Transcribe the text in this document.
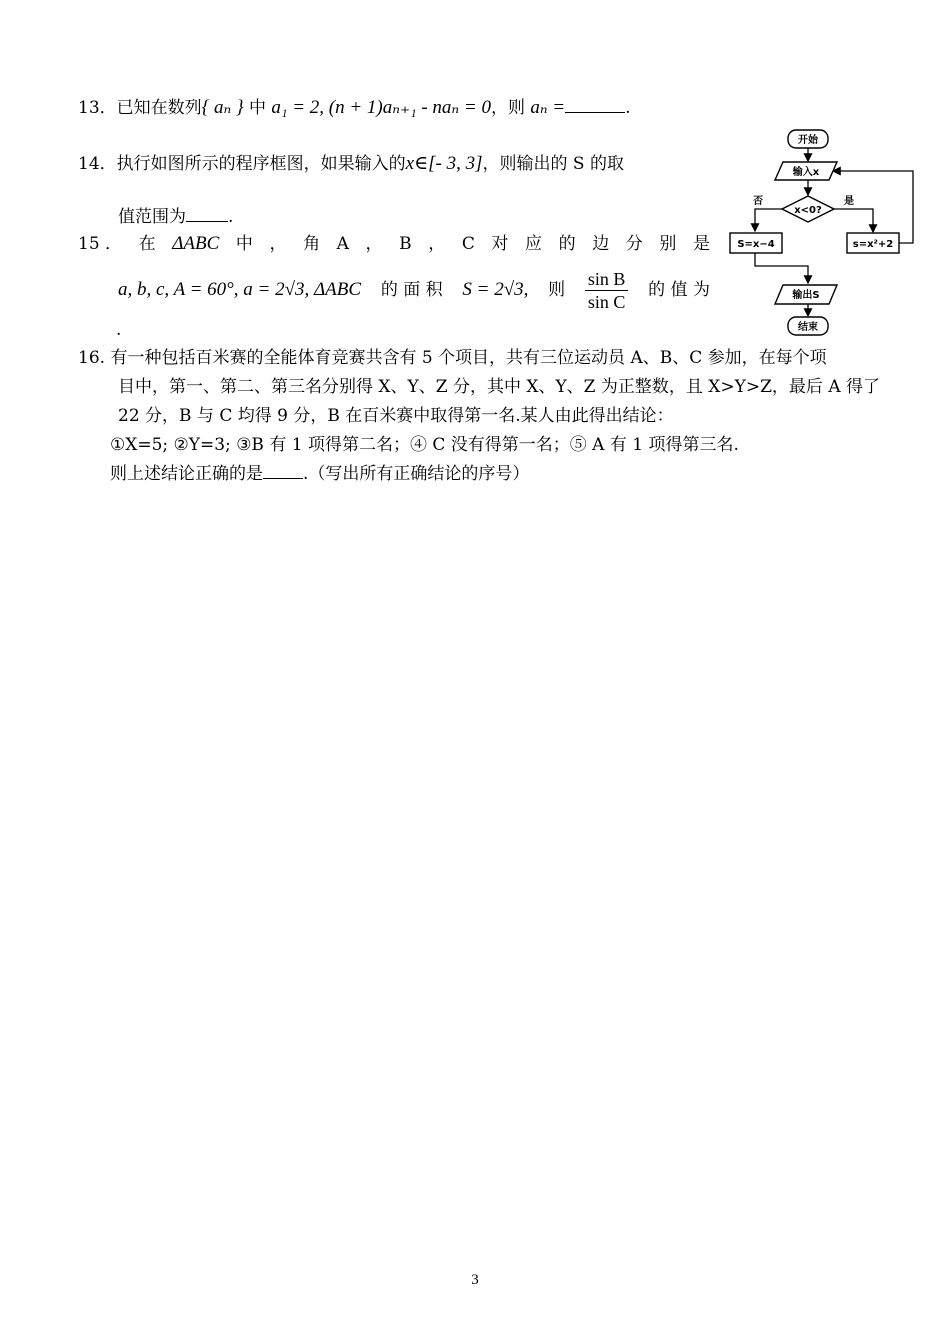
13．已知在数列{ aₙ } 中 a₁ = 2, (n + 1)aₙ₊₁ - naₙ = 0，则 aₙ =	.
14．执行如图所示的程序框图，如果输入的x∈[- 3, 3]，则输出的 S 的取
值范围为 .
15 ． 在 ΔABC 中 ， 角 A ， B ， C 对 应 的 边 分 别 是
a, b, c, A = 60°, a = 2√3, ΔABC 的 面 积 S = 2√3, 则 $\frac{\text{sin B}}{\text{sin C}}$ 的 值 为
.
16. 有一种包括百米赛的全能体育竞赛共含有 5 个项目，共有三位运动员 A、B、C 参加，在每个项
目中，第一、第二、第三名分别得 X、Y、Z 分，其中 X、Y、Z 为正整数，且 X>Y>Z，最后 A 得了
22 分，B 与 C 均得 9 分，B 在百米赛中取得第一名.某人由此得出结论：
①X=5; ②Y=3; ③B 有 1 项得第二名；④ C 没有得第一名；⑤ A 有 1 项得第三名.
则上述结论正确的是 .（写出所有正确结论的序号）
开始
输入x
x<0?
否	是
S=x−4	s=x²+2
输出S
结束
3
